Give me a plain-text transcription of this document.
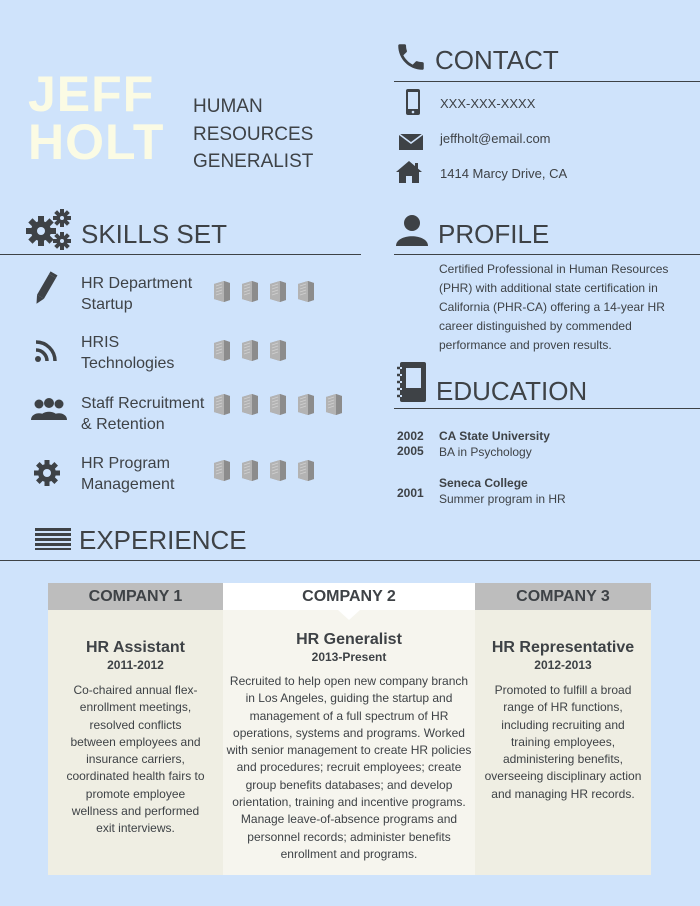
JEFF
HOLT
HUMAN
RESOURCES
GENERALIST
CONTACT
XXX-XXX-XXXX
jeffholt@email.com
1414 Marcy Drive, CA
SKILLS SET
HR Department
Startup
HRIS
Technologies
Staff Recruitment
& Retention
HR Program
Management
PROFILE
Certified Professional in Human Resources
(PHR) with additional state certification in
California (PHR-CA) offering a 14-year HR
career distinguished by commended
performance and proven results.
EDUCATION
2002
2005
CA State University
BA in Psychology
2001
Seneca College
Summer program in HR
EXPERIENCE
COMPANY 1	COMPANY 2	COMPANY 3
HR Assistant
2011-2012
Co-chaired annual flex-
enrollment meetings,
resolved conflicts
between employees and
insurance carriers,
coordinated health fairs to
promote employee
wellness and performed
exit interviews.
HR Generalist
2013-Present
Recruited to help open new company branch
in Los Angeles, guiding the startup and
management of a full spectrum of HR
operations, systems and programs. Worked
with senior management to create HR policies
and procedures; recruit employees; create
group benefits databases; and develop
orientation, training and incentive programs.
Manage leave-of-absence programs and
personnel records; administer benefits
enrollment and programs.
HR Representative
2012-2013
Promoted to fulfill a broad
range of HR functions,
including recruiting and
training employees,
administering benefits,
overseeing disciplinary action
and managing HR records.
